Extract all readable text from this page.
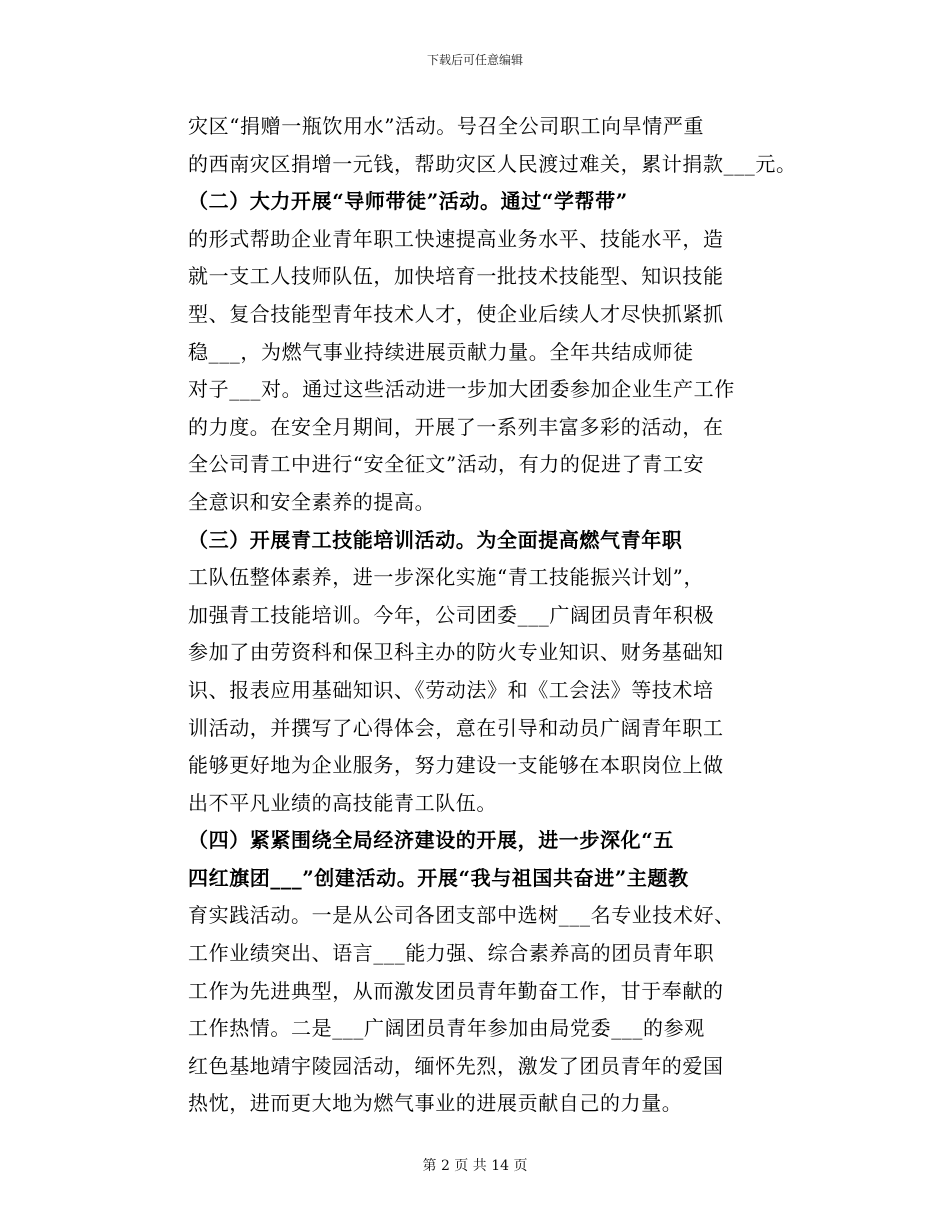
下载后可任意编辑
灾区“捐赠一瓶饮用水”活动。号召全公司职工向旱情严重
的西南灾区捐增一元钱，帮助灾区人民渡过难关，累计捐款___元。
（二）大力开展“导师带徒”活动。通过“学帮带”
的形式帮助企业青年职工快速提高业务水平、技能水平，造
就一支工人技师队伍，加快培育一批技术技能型、知识技能
型、复合技能型青年技术人才，使企业后续人才尽快抓紧抓
稳___，为燃气事业持续进展贡献力量。全年共结成师徒
对子___对。通过这些活动进一步加大团委参加企业生产工作
的力度。在安全月期间，开展了一系列丰富多彩的活动，在
全公司青工中进行“安全征文”活动，有力的促进了青工安
全意识和安全素养的提高。
（三）开展青工技能培训活动。为全面提高燃气青年职
工队伍整体素养，进一步深化实施“青工技能振兴计划”，
加强青工技能培训。今年，公司团委___广阔团员青年积极
参加了由劳资科和保卫科主办的防火专业知识、财务基础知
识、报表应用基础知识、《劳动法》和《工会法》等技术培
训活动，并撰写了心得体会，意在引导和动员广阔青年职工
能够更好地为企业服务，努力建设一支能够在本职岗位上做
出不平凡业绩的高技能青工队伍。
（四）紧紧围绕全局经济建设的开展，进一步深化“五
四红旗团___”创建活动。开展“我与祖国共奋进”主题教
育实践活动。一是从公司各团支部中选树___名专业技术好、
工作业绩突出、语言___能力强、综合素养高的团员青年职
工作为先进典型，从而激发团员青年勤奋工作，甘于奉献的
工作热情。二是___广阔团员青年参加由局党委___的参观
红色基地靖宇陵园活动，缅怀先烈，激发了团员青年的爱国
热忱，进而更大地为燃气事业的进展贡献自己的力量。
第 2 页 共 14 页
